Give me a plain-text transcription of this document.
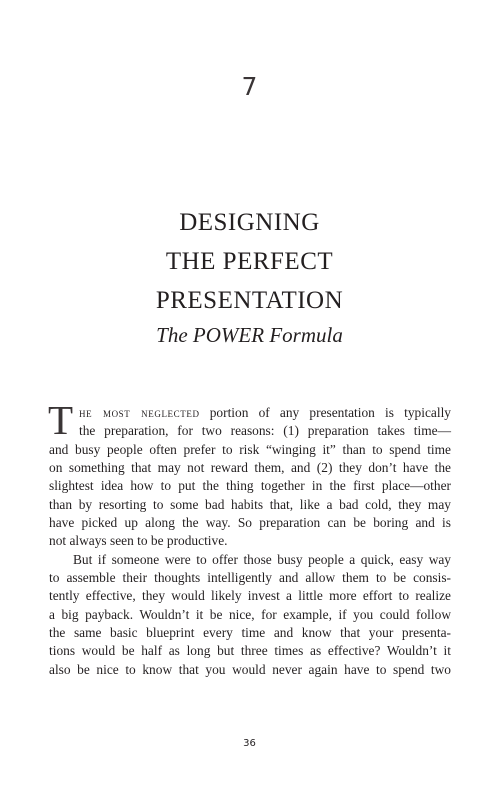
7
DESIGNING
THE PERFECT
PRESENTATION
The POWER Formula
T he most neglected portion of any presentation is typically
the preparation, for two reasons: (1) preparation takes time—
and busy people often prefer to risk “winging it” than to spend time
on something that may not reward them, and (2) they don’t have the
slightest idea how to put the thing together in the first place—other
than by resorting to some bad habits that, like a bad cold, they may
have picked up along the way. So preparation can be boring and is
not always seen to be productive.
But if someone were to offer those busy people a quick, easy way
to assemble their thoughts intelligently and allow them to be consis-
tently effective, they would likely invest a little more effort to realize
a big payback. Wouldn’t it be nice, for example, if you could follow
the same basic blueprint every time and know that your presenta-
tions would be half as long but three times as effective? Wouldn’t it
also be nice to know that you would never again have to spend two
36
